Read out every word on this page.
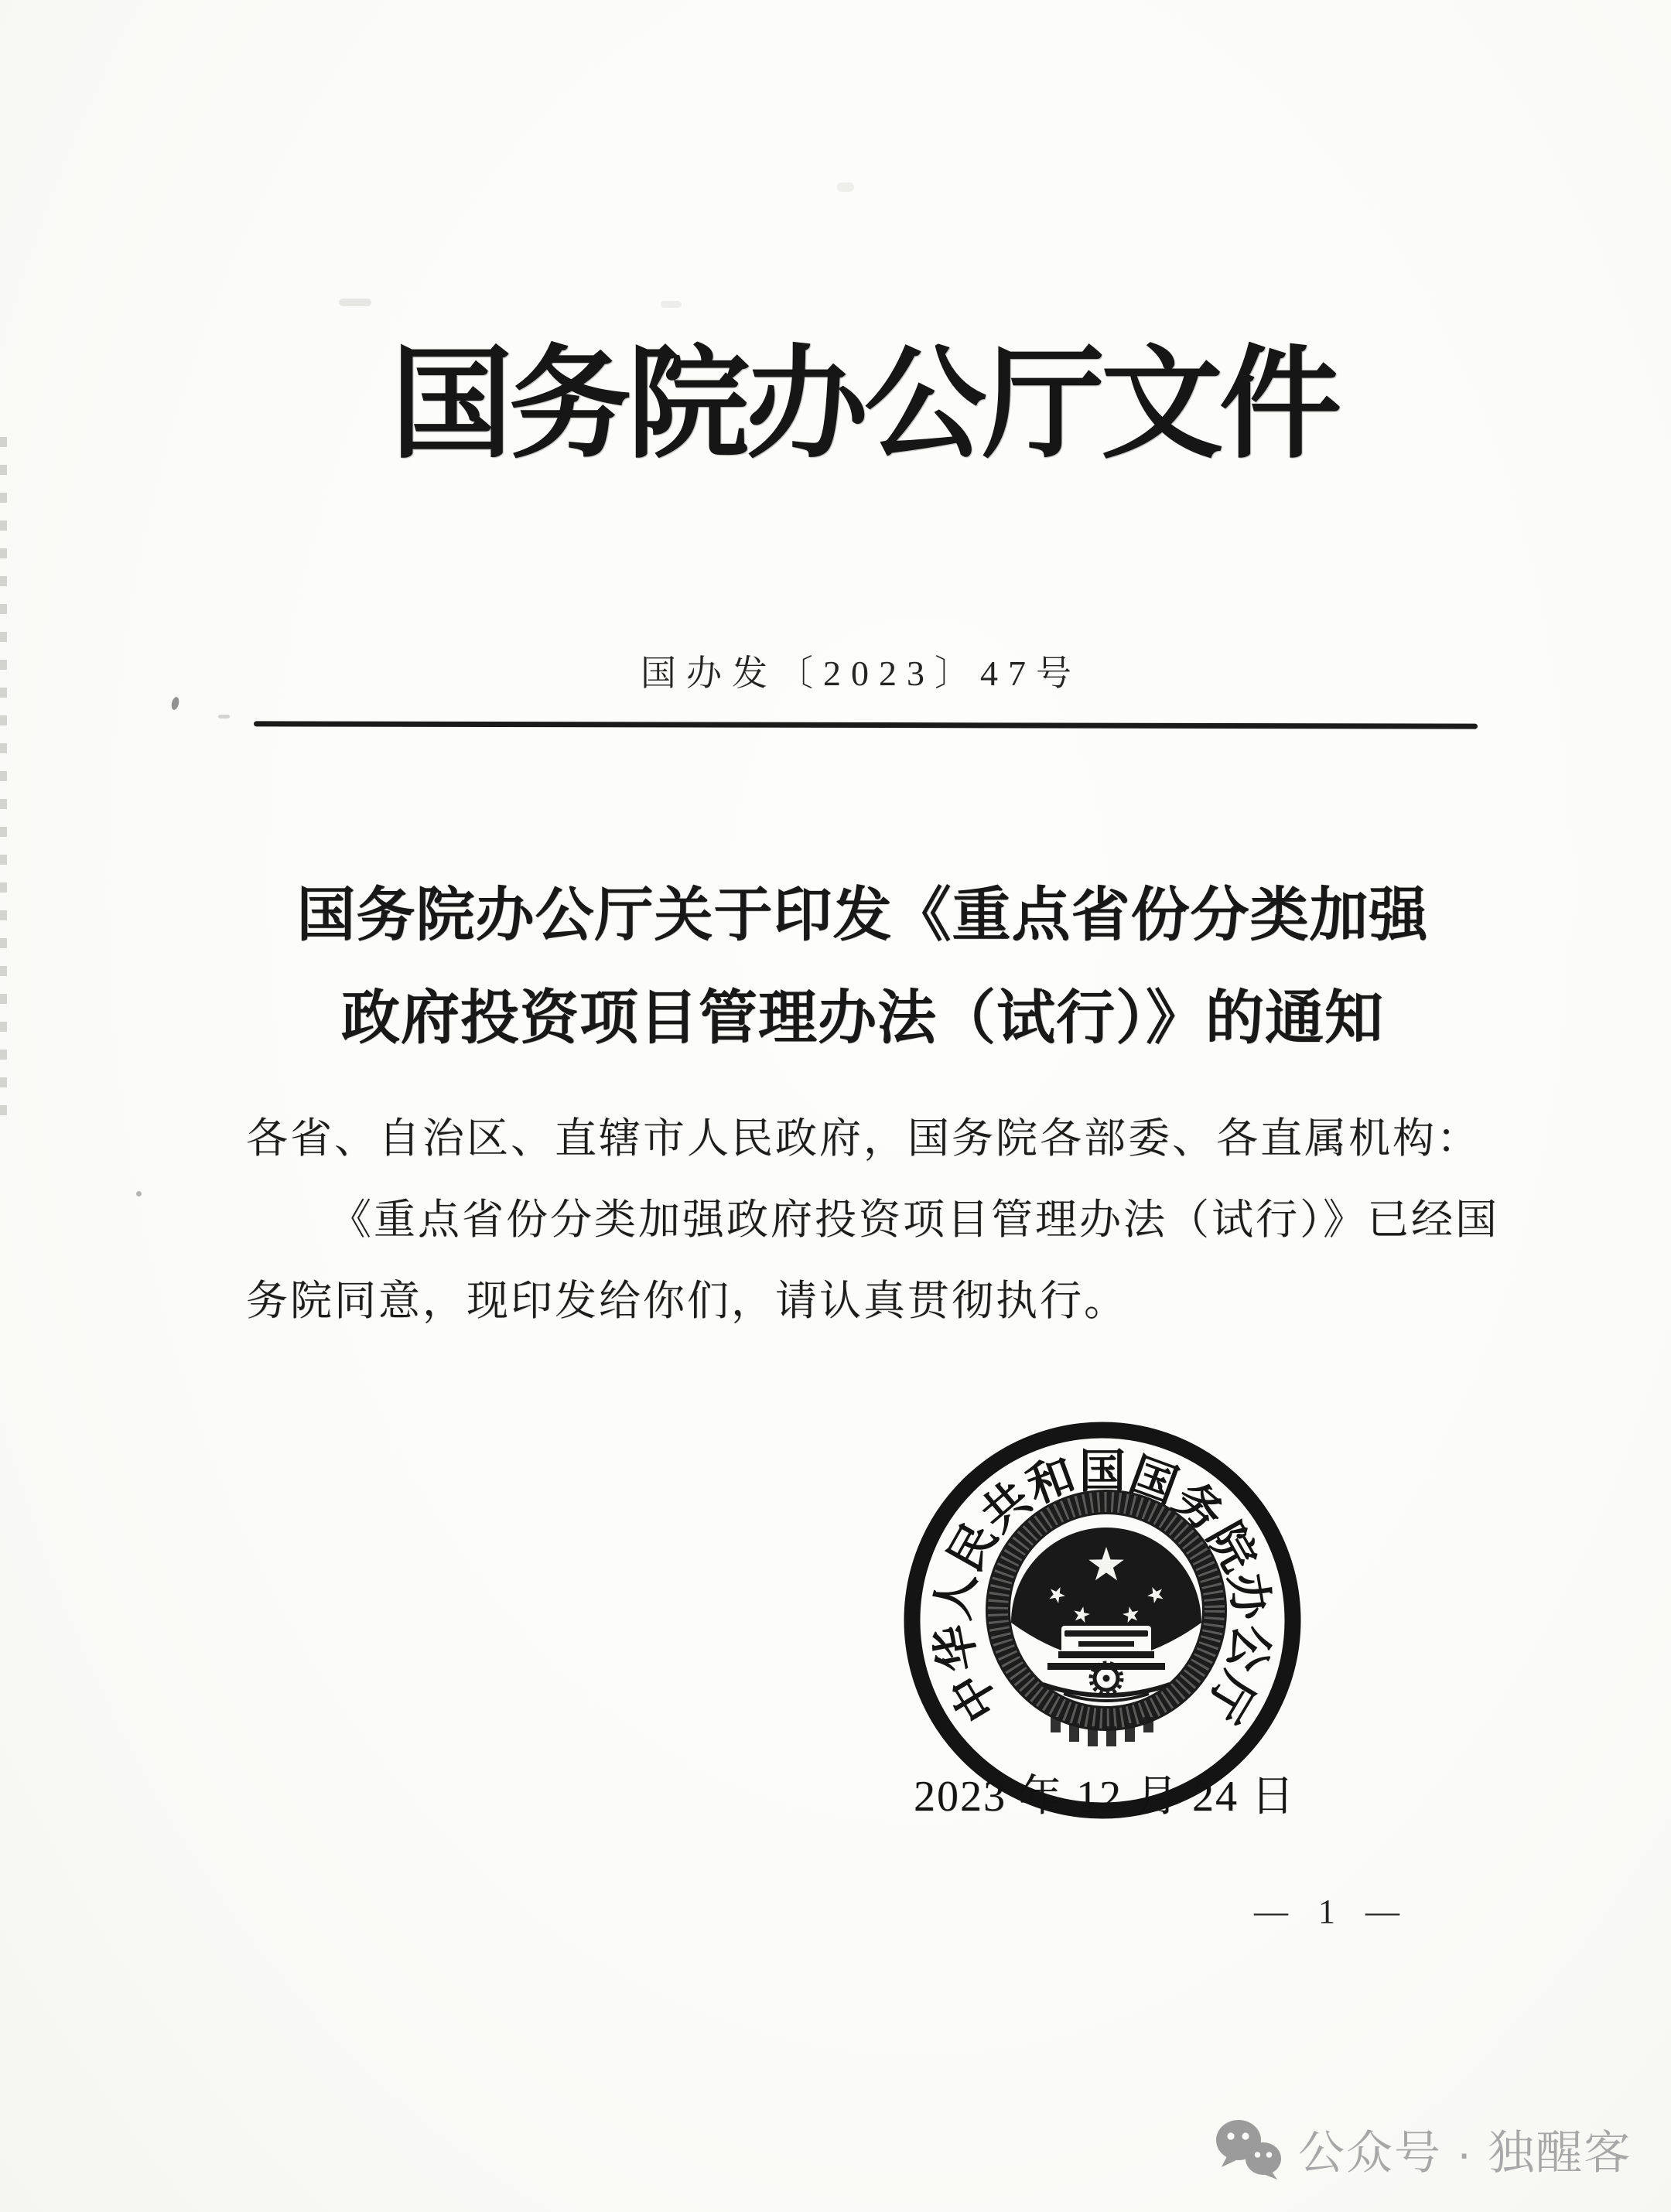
国务院办公厅文件
国办发〔2023〕47号
国务院办公厅关于印发《重点省份分类加强
政府投资项目管理办法（试行）》的通知
各省、自治区、直辖市人民政府，国务院各部委、各直属机构：
《重点省份分类加强政府投资项目管理办法（试行）》已经国
务院同意，现印发给你们，请认真贯彻执行。
中
华
人
民
共
和
国
国
务
院
办
公
厅
2023 年 12 月 24 日
— 1 —
公众号 · 独醒客
